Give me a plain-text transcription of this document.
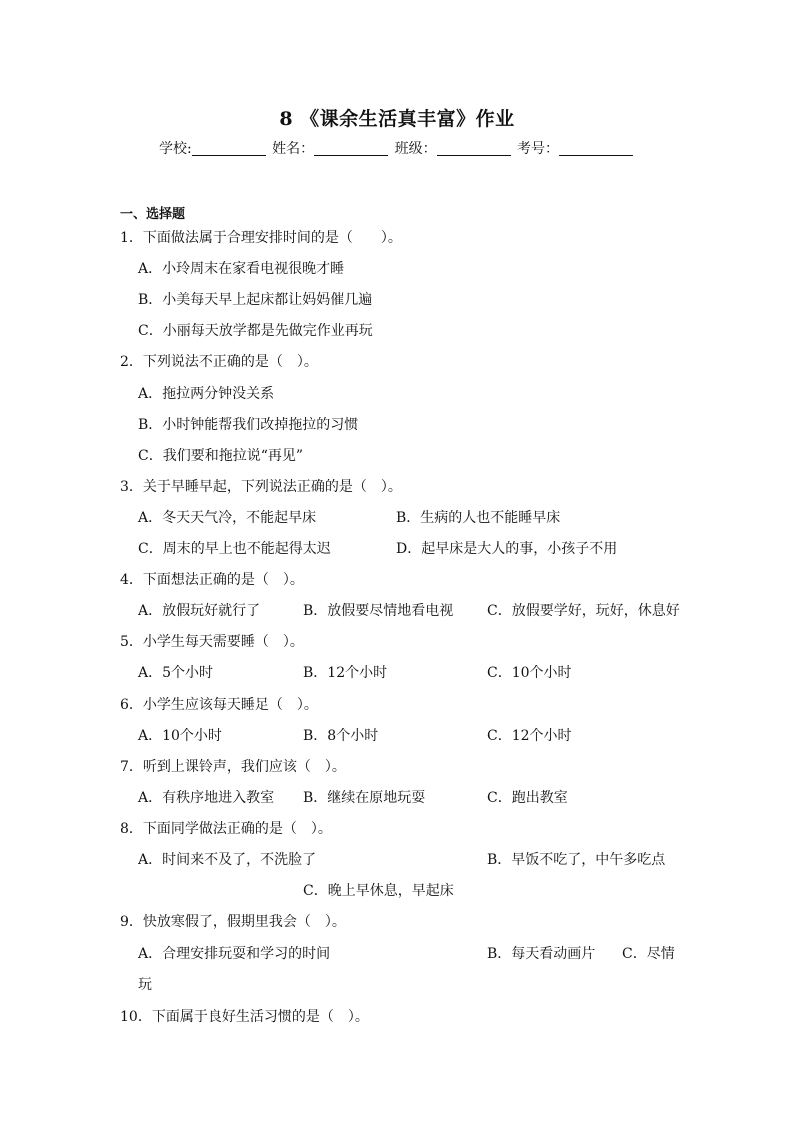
8 《课余生活真丰富》作业
学校:	姓名：	班级：	考号：
一、选择题
1．下面做法属于合理安排时间的是（　　）。
A．小玲周末在家看电视很晚才睡
B．小美每天早上起床都让妈妈催几遍
C．小丽每天放学都是先做完作业再玩
2．下列说法不正确的是（　）。
A．拖拉两分钟没关系
B．小时钟能帮我们改掉拖拉的习惯
C．我们要和拖拉说“再见”
3．关于早睡早起，下列说法正确的是（　）。
A．冬天天气冷，不能起早床	B．生病的人也不能睡早床
C．周末的早上也不能起得太迟	D．起早床是大人的事，小孩子不用
4．下面想法正确的是（　）。
A．放假玩好就行了	B．放假要尽情地看电视 C．放假要学好，玩好，休息好
5．小学生每天需要睡（　）。
A．5个小时	B．12个小时	C．10个小时
6．小学生应该每天睡足（　）。
A．10个小时	B．8个小时	C．12个小时
7．听到上课铃声，我们应该（　）。
A．有秩序地进入教室 B．继续在原地玩耍	C．跑出教室
8．下面同学做法正确的是（　）。
A．时间来不及了，不洗脸了	B．早饭不吃了，中午多吃点
C．晚上早休息，早起床
9．快放寒假了，假期里我会（　）。
A．合理安排玩耍和学习的时间	B．每天看动画片 C．尽情
玩
10．下面属于良好生活习惯的是（　）。
